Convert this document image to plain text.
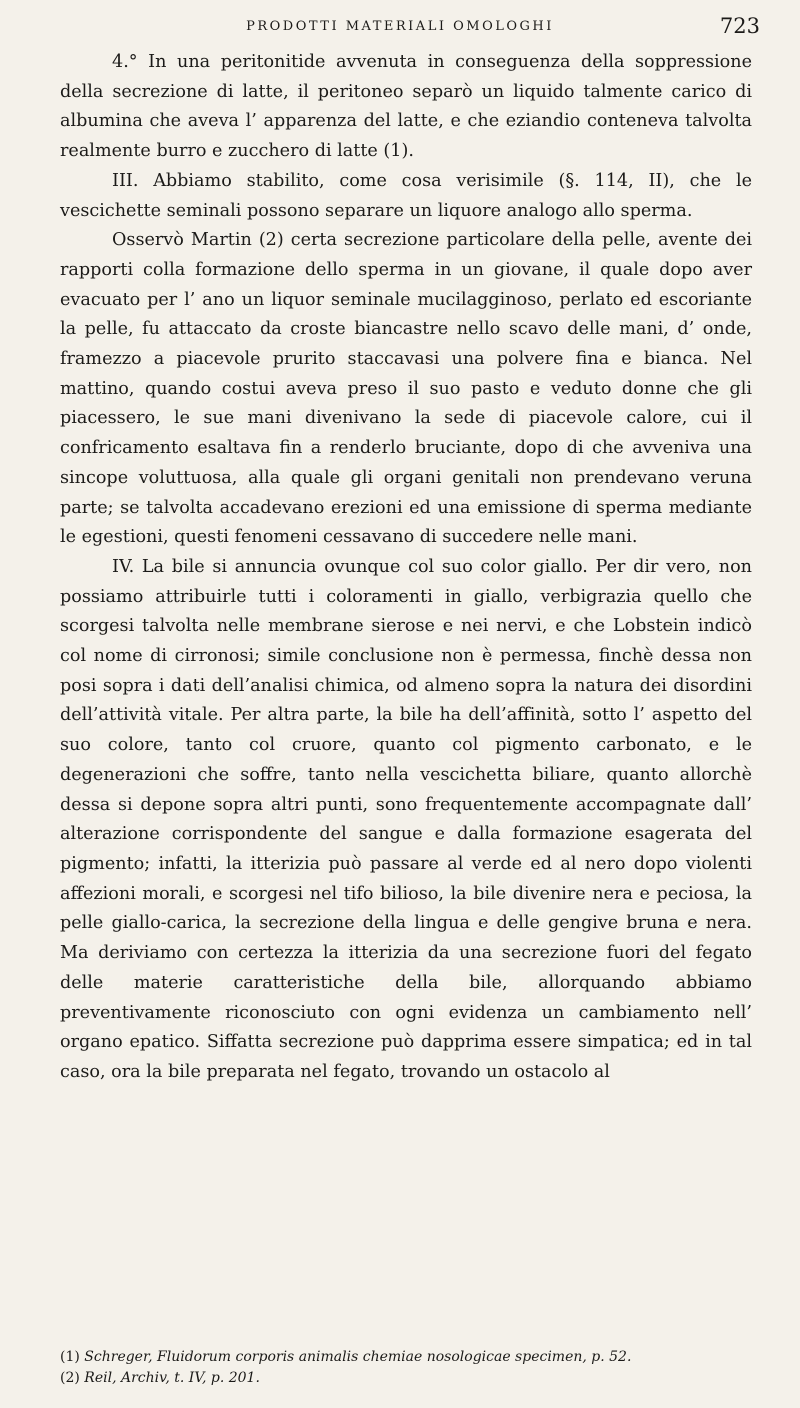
PRODOTTI MATERIALI OMOLOGHI	723

4.° In una peritonitide avvenuta in conseguenza della soppressione della secrezione di latte, il peritoneo separò un liquido talmente carico di albumina che aveva l’ apparenza del latte, e che eziandio conteneva talvolta realmente burro e zucchero di latte (1).

III. Abbiamo stabilito, come cosa verisimile (§. 114, II), che le vescichette seminali possono separare un liquore analogo allo sperma.

Osservò Martin (2) certa secrezione particolare della pelle, avente dei rapporti colla formazione dello sperma in un giovane, il quale dopo aver evacuato per l’ ano un liquor seminale mucilagginoso, perlato ed escoriante la pelle, fu attaccato da croste biancastre nello scavo delle mani, d’ onde, framezzo a piacevole prurito staccavasi una polvere fina e bianca. Nel mattino, quando costui aveva preso il suo pasto e veduto donne che gli piacessero, le sue mani divenivano la sede di piacevole calore, cui il confricamento esaltava fin a renderlo bruciante, dopo di che avveniva una sincope voluttuosa, alla quale gli organi genitali non prendevano veruna parte; se talvolta accadevano erezioni ed una emissione di sperma mediante le egestioni, questi fenomeni cessavano di succedere nelle mani.

IV. La bile si annuncia ovunque col suo color giallo. Per dir vero, non possiamo attribuirle tutti i coloramenti in giallo, verbigrazia quello che scorgesi talvolta nelle membrane sierose e nei nervi, e che Lobstein indicò col nome di cirronosi; simile conclusione non è permessa, finchè dessa non posi sopra i dati dell’analisi chimica, od almeno sopra la natura dei disordini dell’attività vitale. Per altra parte, la bile ha dell’affinità, sotto l’ aspetto del suo colore, tanto col cruore, quanto col pigmento carbonato, e le degenerazioni che soffre, tanto nella vescichetta biliare, quanto allorchè dessa si depone sopra altri punti, sono frequentemente accompagnate dall’ alterazione corrispondente del sangue e dalla formazione esagerata del pigmento; infatti, la itterizia può passare al verde ed al nero dopo violenti affezioni morali, e scorgesi nel tifo bilioso, la bile divenire nera e peciosa, la pelle giallo-carica, la secrezione della lingua e delle gengive bruna e nera. Ma deriviamo con certezza la itterizia da una secrezione fuori del fegato delle materie caratteristiche della bile, allorquando abbiamo preventivamente riconosciuto con ogni evidenza un cambiamento nell’ organo epatico. Siffatta secrezione può dapprima essere simpatica; ed in tal caso, ora la bile preparata nel fegato, trovando un ostacolo al

(1) Schreger, Fluidorum corporis animalis chemiae nosologicae specimen, p. 52.

(2) Reil, Archiv, t. IV, p. 201.
